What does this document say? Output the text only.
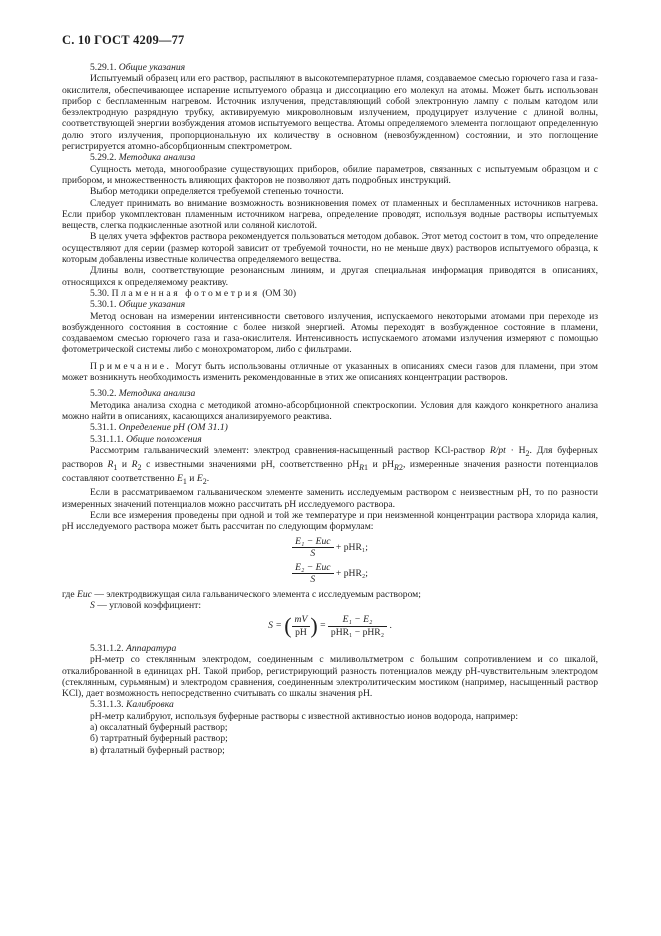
С. 10 ГОСТ 4209—77

5.29.1. Общие указания

Испытуемый образец или его раствор, распыляют в высокотемпературное пламя, создаваемое смесью горючего газа и газа-окислителя, обеспечивающее испарение испытуемого образца и диссоциацию его молекул на атомы. Может быть использован прибор с беспламенным нагревом. Источник излучения, представляющий собой электронную лампу с полым катодом или безэлектродную разрядную трубку, активируемую микроволновым излучением, продуцирует излучение с длиной волны, соответствующей энергии возбуждения атомов испытуемого вещества. Атомы определяемого элемента поглощают определенную долю этого излучения, пропорциональную их количеству в основном (невозбужденном) состоянии, и это поглощение регистрируется атомно-абсорбционным спектрометром.

5.29.2. Методика анализа

Сущность метода, многообразие существующих приборов, обилие параметров, связанных с испытуемым образцом и с прибором, и множественность влияющих факторов не позволяют дать подробных инструкций.

Выбор методики определяется требуемой степенью точности.

Следует принимать во внимание возможность возникновения помех от пламенных и беспламенных источников нагрева. Если прибор укомплектован пламенным источником нагрева, определение проводят, используя водные растворы испытуемых веществ, слегка подкисленные азотной или соляной кислотой.

В целях учета эффектов раствора рекомендуется пользоваться методом добавок. Этот метод состоит в том, что определение осуществляют для серии (размер которой зависит от требуемой точности, но не меньше двух) растворов испытуемого образца, к которым добавлены известные количества определяемого вещества.

Длины волн, соответствующие резонансным линиям, и другая специальная информация приводятся в описаниях, относящихся к определяемому реактиву.

5.30. Пламенная фотометрия (ОМ 30)

5.30.1. Общие указания

Метод основан на измерении интенсивности светового излучения, испускаемого некоторыми атомами при переходе из возбужденного состояния в состояние с более низкой энергией. Атомы переходят в возбужденное состояние в пламени, создаваемом смесью горючего газа и газа-окислителя. Интенсивность испускаемого атомами излучения измеряют с помощью фотометрической системы либо с монохроматором, либо с фильтрами.

Примечание. Могут быть использованы отличные от указанных в описаниях смеси газов для пламени, при этом может возникнуть необходимость изменить рекомендованные в этих же описаниях концентрации растворов.

5.30.2. Методика анализа

Методика анализа сходна с методикой атомно-абсорбционной спектроскопии. Условия для каждого конкретного анализа можно найти в описаниях, касающихся анализируемого реактива.

5.31.1. Определение pH (ОМ 31.1)

5.31.1.1. Общие положения

Рассмотрим гальванический элемент: электрод сравнения-насыщенный раствор KCl-раствор $R/pt \cdot H_2$. Для буферных растворов $R_1$ и $R_2$ с известными значениями pH, соответственно $pH_{R1}$ и $pH_{R2}$, измеренные значения разности потенциалов составляют соответственно $E_1$ и $E_2$.

Если в рассматриваемом гальваническом элементе заменить исследуемым раствором с неизвестным pH, то по разности измеренных значений потенциалов можно рассчитать pH исследуемого раствора.

Если все измерения проведены при одной и той же температуре и при неизменной концентрации раствора хлорида калия, pH исследуемого раствора может быть рассчитан по следующим формулам:

$\frac{\text{E₁ − Eис}}{S} + pHR_1$;
$\frac{\text{E₂ − Eис}}{S} + pHR_2$;

где Eис — электродвижущая сила гальванического элемента с исследуемым раствором;

S — угловой коэффициент:

S = ( $\frac{mV}{pH}$ ) = $\frac{\text{E₁ − E₂}}{\text{pHR₁ − pHR₂}}$ .

5.31.1.2. Аппаратура

pH-метр со стеклянным электродом, соединенным с миливольтметром с большим сопротивлением и со шкалой, откалиброванной в единицах pH. Такой прибор, регистрирующий разность потенциалов между pH-чувствительным электродом (стеклянным, сурьмяным) и электродом сравнения, соединенным электролитическим мостиком (например, насыщенный раствор KCl), дает возможность непосредственно считывать со шкалы значения pH.

5.31.1.3. Калибровка

pH-метр калибруют, используя буферные растворы с известной активностью ионов водорода, например:

а) оксалатный буферный раствор;

б) тартратный буферный раствор;

в) фталатный буферный раствор;
